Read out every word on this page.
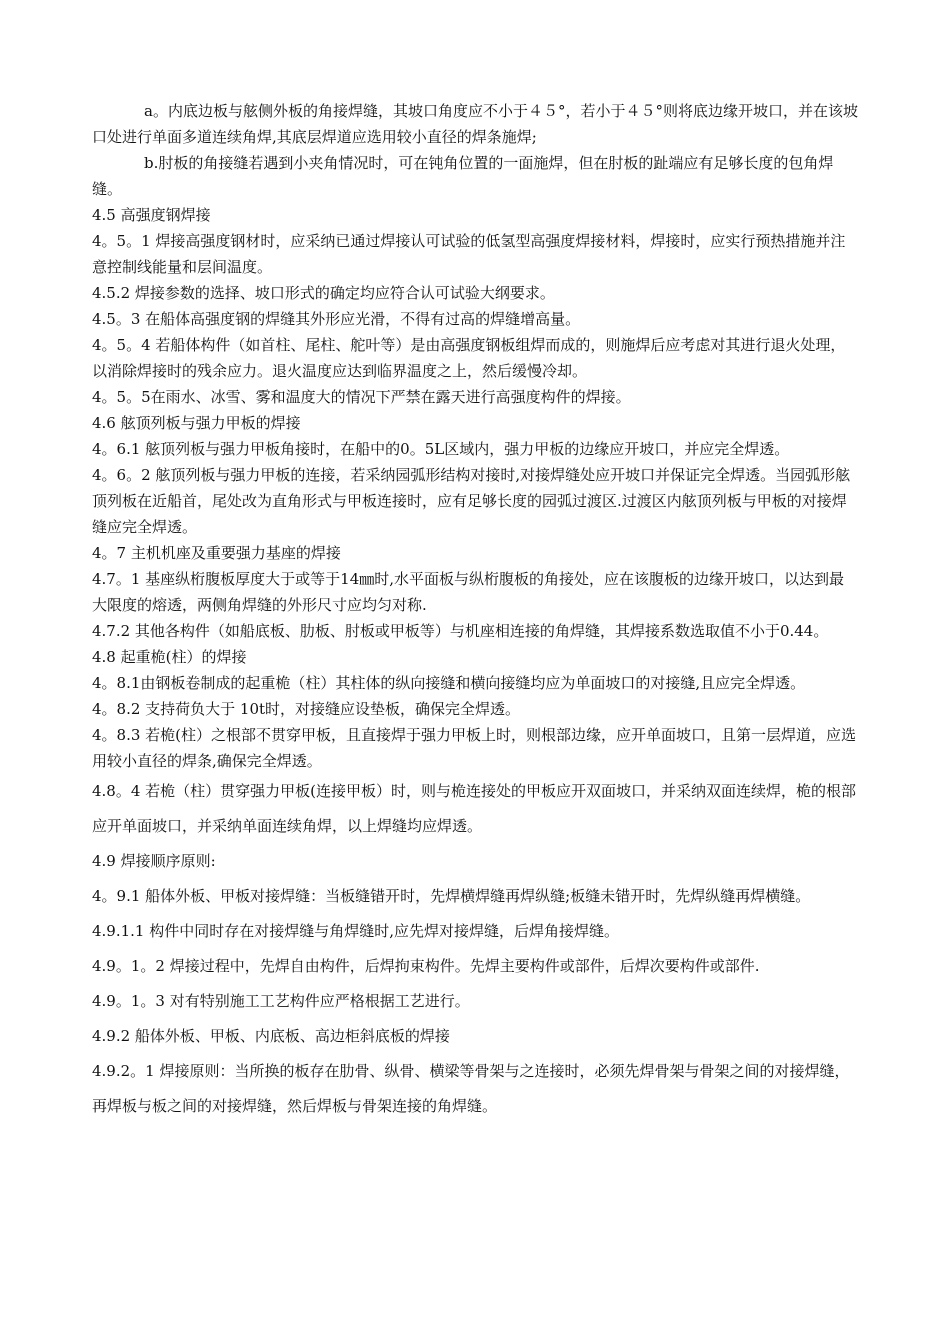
a。内底边板与舷侧外板的角接焊缝，其坡口角度应不小于４５°，若小于４５°则将底边缘开坡口，并在该坡口处进行单面多道连续角焊,其底层焊道应选用较小直径的焊条施焊;

b.肘板的角接缝若遇到小夹角情况时，可在钝角位置的一面施焊，但在肘板的趾端应有足够长度的包角焊缝。

4.5 高强度钢焊接

4。5。1 焊接高强度钢材时，应采纳已通过焊接认可试验的低氢型高强度焊接材料，焊接时，应实行预热措施并注意控制线能量和层间温度。

4.5.2 焊接参数的选择、坡口形式的确定均应符合认可试验大纲要求。

4.5。3 在船体高强度钢的焊缝其外形应光滑，不得有过高的焊缝增高量。

4。5。4 若船体构件（如首柱、尾柱、舵叶等）是由高强度钢板组焊而成的，则施焊后应考虑对其进行退火处理，以消除焊接时的残余应力。退火温度应达到临界温度之上，然后缓慢冷却。

4。5。5在雨水、冰雪、雾和温度大的情况下严禁在露天进行高强度构件的焊接。

4.6 舷顶列板与强力甲板的焊接

4。6.1 舷顶列板与强力甲板角接时，在船中的0。5L区域内，强力甲板的边缘应开坡口，并应完全焊透。

4。6。2 舷顶列板与强力甲板的连接，若采纳园弧形结构对接时,对接焊缝处应开坡口并保证完全焊透。当园弧形舷顶列板在近船首，尾处改为直角形式与甲板连接时，应有足够长度的园弧过渡区.过渡区内舷顶列板与甲板的对接焊缝应完全焊透。

4。7 主机机座及重要强力基座的焊接

4.7。1 基座纵桁腹板厚度大于或等于14㎜时,水平面板与纵桁腹板的角接处，应在该腹板的边缘开坡口，以达到最大限度的熔透，两侧角焊缝的外形尺寸应均匀对称.

4.7.2 其他各构件（如船底板、肋板、肘板或甲板等）与机座相连接的角焊缝，其焊接系数选取值不小于0.44。

4.8 起重桅(柱）的焊接

4。8.1由钢板卷制成的起重桅（柱）其柱体的纵向接缝和横向接缝均应为单面坡口的对接缝,且应完全焊透。

4。8.2 支持荷负大于 10t时，对接缝应设垫板，确保完全焊透。

4。8.3 若桅(柱）之根部不贯穿甲板，且直接焊于强力甲板上时，则根部边缘，应开单面坡口，且第一层焊道，应选用较小直径的焊条,确保完全焊透。

4.8。4 若桅（柱）贯穿强力甲板(连接甲板）时，则与桅连接处的甲板应开双面坡口，并采纳双面连续焊，桅的根部应开单面坡口，并采纳单面连续角焊，以上焊缝均应焊透。

4.9 焊接顺序原则:

4。9.1 船体外板、甲板对接焊缝：当板缝错开时，先焊横焊缝再焊纵缝;板缝未错开时，先焊纵缝再焊横缝。

4.9.1.1 构件中同时存在对接焊缝与角焊缝时,应先焊对接焊缝，后焊角接焊缝。

4.9。1。2 焊接过程中，先焊自由构件，后焊拘束构件。先焊主要构件或部件，后焊次要构件或部件.

4.9。1。3 对有特别施工工艺构件应严格根据工艺进行。

4.9.2 船体外板、甲板、内底板、高边柜斜底板的焊接

4.9.2。1 焊接原则：当所换的板存在肋骨、纵骨、横梁等骨架与之连接时，必须先焊骨架与骨架之间的对接焊缝，再焊板与板之间的对接焊缝，然后焊板与骨架连接的角焊缝。
